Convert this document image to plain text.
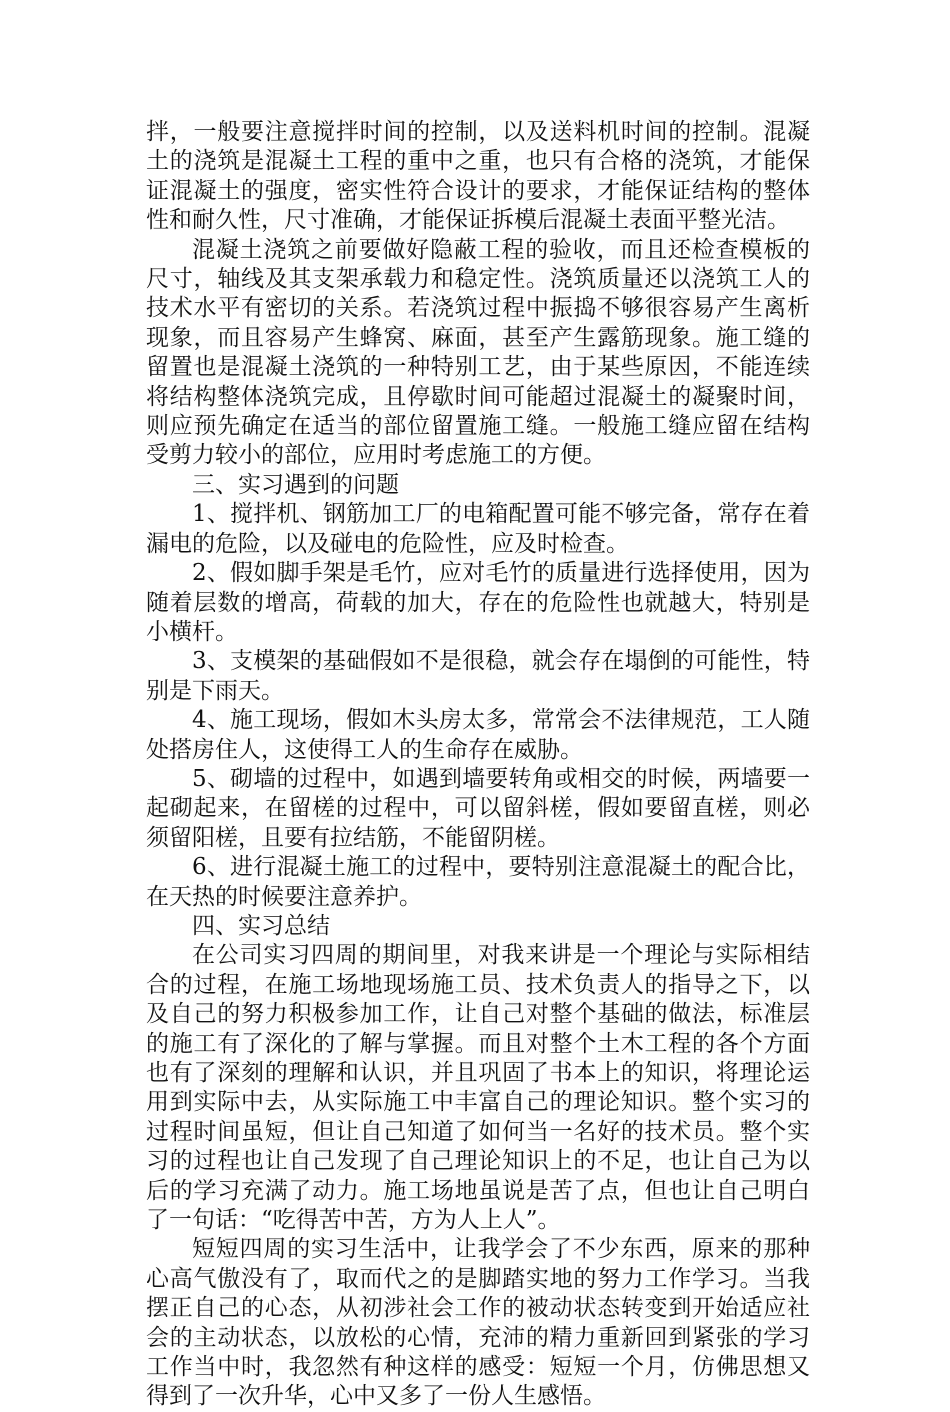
拌，一般要注意搅拌时间的控制，以及送料机时间的控制。混凝土的浇筑是混凝土工程的重中之重，也只有合格的浇筑，才能保证混凝土的强度，密实性符合设计的要求，才能保证结构的整体性和耐久性，尺寸准确，才能保证拆模后混凝土表面平整光洁。

混凝土浇筑之前要做好隐蔽工程的验收，而且还检查模板的尺寸，轴线及其支架承载力和稳定性。浇筑质量还以浇筑工人的技术水平有密切的关系。若浇筑过程中振捣不够很容易产生离析现象，而且容易产生蜂窝、麻面，甚至产生露筋现象。施工缝的留置也是混凝土浇筑的一种特别工艺，由于某些原因，不能连续将结构整体浇筑完成，且停歇时间可能超过混凝土的凝聚时间，则应预先确定在适当的部位留置施工缝。一般施工缝应留在结构受剪力较小的部位，应用时考虑施工的方便。

三、实习遇到的问题

1、搅拌机、钢筋加工厂的电箱配置可能不够完备，常存在着漏电的危险，以及碰电的危险性，应及时检查。

2、假如脚手架是毛竹，应对毛竹的质量进行选择使用，因为随着层数的增高，荷载的加大，存在的危险性也就越大，特别是小横杆。

3、支模架的基础假如不是很稳，就会存在塌倒的可能性，特别是下雨天。

4、施工现场，假如木头房太多，常常会不法律规范，工人随处搭房住人，这使得工人的生命存在威胁。

5、砌墙的过程中，如遇到墙要转角或相交的时候，两墙要一起砌起来，在留槎的过程中，可以留斜槎，假如要留直槎，则必须留阳槎，且要有拉结筋，不能留阴槎。

6、进行混凝土施工的过程中，要特别注意混凝土的配合比，在天热的时候要注意养护。

四、实习总结

在公司实习四周的期间里，对我来讲是一个理论与实际相结合的过程，在施工场地现场施工员、技术负责人的指导之下，以及自己的努力积极参加工作，让自己对整个基础的做法，标准层的施工有了深化的了解与掌握。而且对整个土木工程的各个方面也有了深刻的理解和认识，并且巩固了书本上的知识，将理论运用到实际中去，从实际施工中丰富自己的理论知识。整个实习的过程时间虽短，但让自己知道了如何当一名好的技术员。整个实习的过程也让自己发现了自己理论知识上的不足，也让自己为以后的学习充满了动力。施工场地虽说是苦了点，但也让自己明白了一句话：“吃得苦中苦，方为人上人”。

短短四周的实习生活中，让我学会了不少东西，原来的那种心高气傲没有了，取而代之的是脚踏实地的努力工作学习。当我摆正自己的心态，从初涉社会工作的被动状态转变到开始适应社会的主动状态，以放松的心情，充沛的精力重新回到紧张的学习工作当中时，我忽然有种这样的感受：短短一个月，仿佛思想又得到了一次升华，心中又多了一份人生感悟。
